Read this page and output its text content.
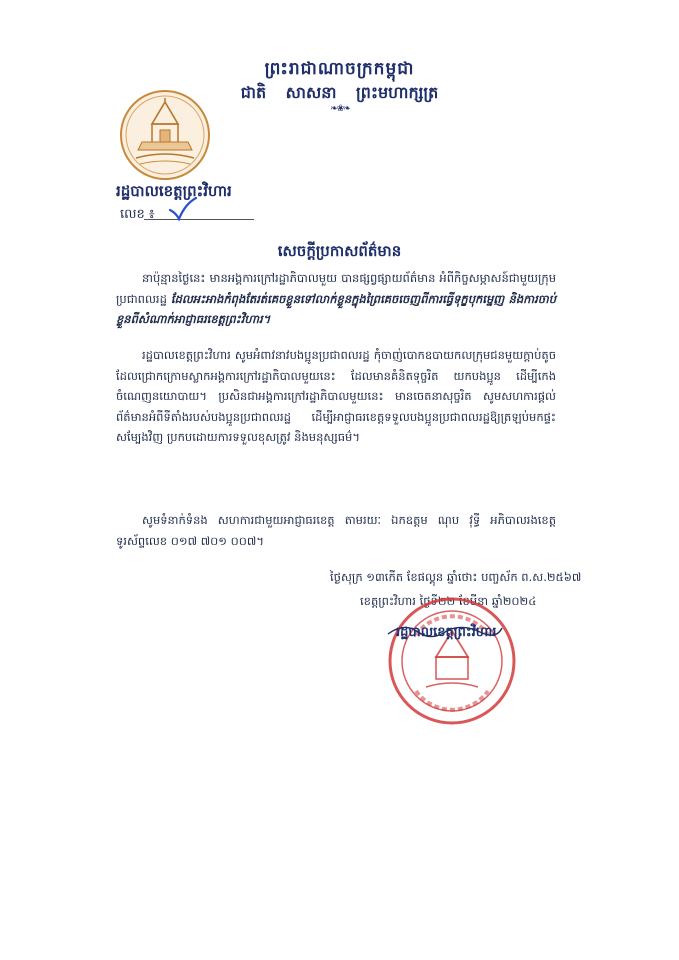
ព្រះរាជាណាចក្រកម្ពុជា
ជាតិ សាសនា ព្រះមហាក្សត្រ
❧❀❧
រដ្ឋបាលខេត្តព្រះវិហារ
លេខ ៖
សេចក្តីប្រកាសព័ត៌មាន
នាប៉ុន្មានថ្ងៃនេះ មានអង្គការក្រៅរដ្ឋាភិបាលមួយ បានផ្សព្វផ្សាយព័ត៌មាន អំពីកិច្ចសម្ភាសន៍ជាមួយក្រុមប្រជាពលរដ្ឋ ដែលអះអាងកំពុងតែរត់គេចខ្លួនទៅលាក់ខ្លួនក្នុងព្រៃគេចចេញពីការធ្វើទុក្ខបុកម្នេញ និងការចាប់ខ្លួនពីសំណាក់អាជ្ញាធរខេត្តព្រះវិហារ។
រដ្ឋបាលខេត្តព្រះវិហារ សូមអំពាវនាវបងប្អូនប្រជាពលរដ្ឋ កុំចាញ់បោកឧបាយកលក្រុមជនមួយក្តាប់តូច ដែលជ្រោកក្រោមស្លាកអង្គការក្រៅរដ្ឋាភិបាលមួយនេះ ដែលមានគំនិតទុច្ចរិត យកបងប្អូន ដើម្បីកេងចំណេញនយោបាយ។ ប្រសិនជាអង្គការក្រៅរដ្ឋាភិបាលមួយនេះ មានចេតនាសុច្ចរិត សូមសហការផ្តល់ព័ត៌មានអំពីទីតាំងរបស់បងប្អូនប្រជាពលរដ្ឋ ដើម្បីអាជ្ញាធរខេត្តទទួលបងប្អូនប្រជាពលរដ្ឋឱ្យត្រឡប់មកផ្ទះសម្បែងវិញ ប្រកបដោយការទទួលខុសត្រូវ និងមនុស្សធម៌។
សូមទំនាក់ទំនង សហការជាមួយអាជ្ញាធរខេត្ត តាមរយៈ ឯកឧត្តម ណុប វុទ្ធី អភិបាលរងខេត្ត ទូរស័ព្ទលេខ ០១៧ ៧០១ ០០៧។
ថ្ងៃសុក្រ ១៣កើត ខែផល្គុន ឆ្នាំថោះ បញ្ចស័ក ព.ស.២៥៦៧
ខេត្តព្រះវិហារ ថ្ងៃទី២២ ខែមីនា ឆ្នាំ២០២៤
រដ្ឋបាលខេត្តព្រះវិហារ
